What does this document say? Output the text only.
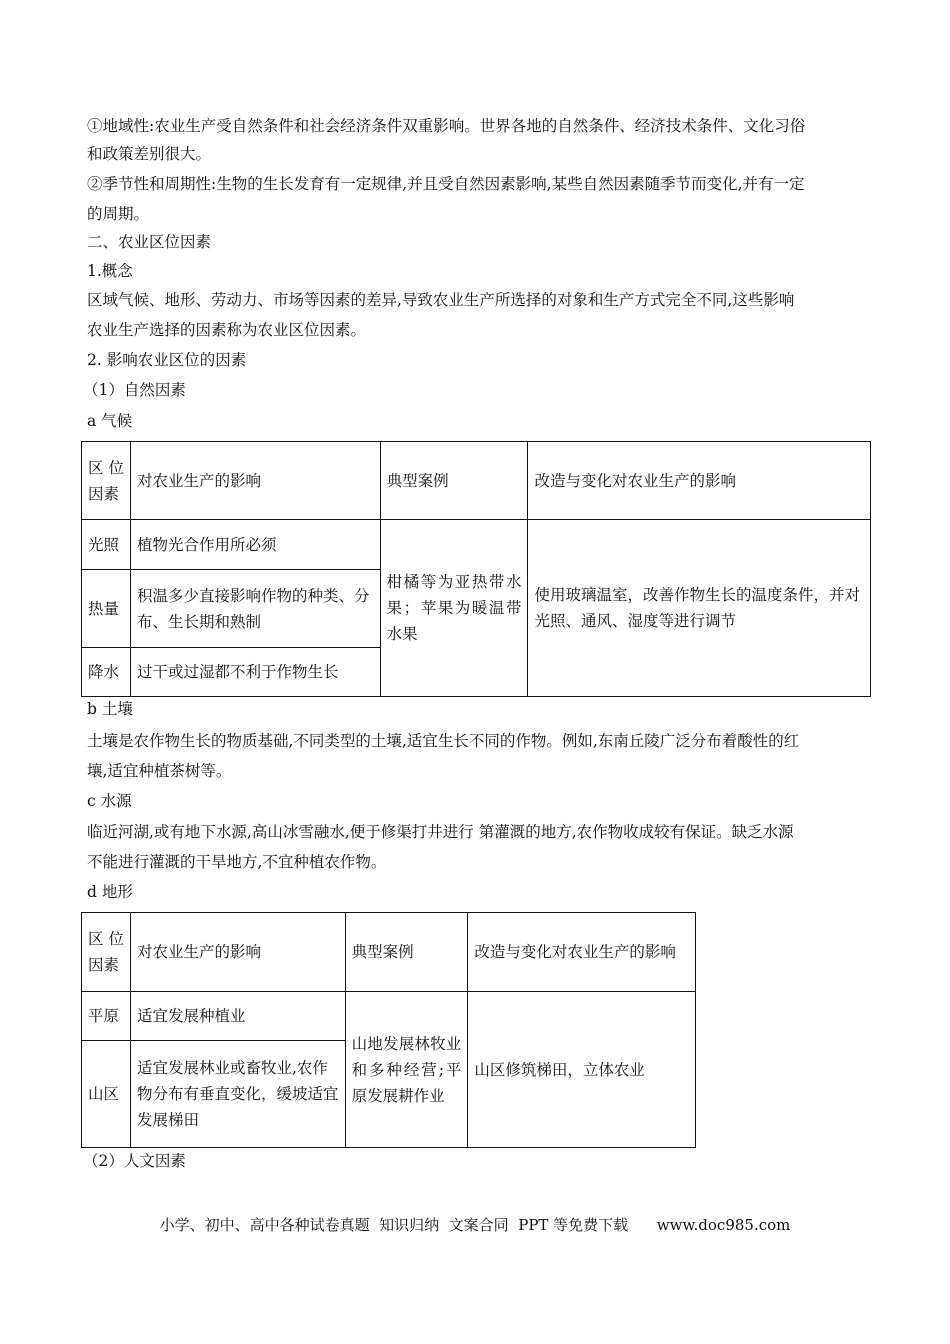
①地域性:农业生产受自然条件和社会经济条件双重影响。世界各地的自然条件、经济技术条件、文化习俗
和政策差别很大。
②季节性和周期性:生物的生长发育有一定规律,并且受自然因素影响,某些自然因素随季节而变化,并有一定
的周期。
二、农业区位因素
1.概念
区域气候、地形、劳动力、市场等因素的差异,导致农业生产所选择的对象和生产方式完全不同,这些影响
农业生产选择的因素称为农业区位因素。
2. 影响农业区位的因素
（1）自然因素
a 气候
区 位 因素	对农业生产的影响	典型案例	改造与变化对农业生产的影响
光照	植物光合作用所必须	柑橘等为亚热带水果；苹果为暖温带水果	使用玻璃温室，改善作物生长的温度条件，并对光照、通风、湿度等进行调节
热量	积温多少直接影响作物的种类、分布、生长期和熟制		
降水	过干或过湿都不利于作物生长		
b 土壤
土壤是农作物生长的物质基础,不同类型的土壤,适宜生长不同的作物。例如,东南丘陵广泛分布着酸性的红
壤,适宜种植茶树等。
c 水源
临近河湖,或有地下水源,高山冰雪融水,便于修渠打井进行 第灌溉的地方,农作物收成较有保证。缺乏水源
不能进行灌溉的干旱地方,不宜种植农作物。
d 地形
区 位 因素	对农业生产的影响	典型案例	改造与变化对农业生产的影响
平原	适宜发展种植业	山地发展林牧业和多种经营;平原发展耕作业	山区修筑梯田，立体农业
山区	适宜发展林业或畜牧业,农作物分布有垂直变化，缓坡适宜发展梯田		
（2）人文因素
小学、初中、高中各种试卷真题  知识归纳  文案合同  PPT 等免费下载      www.doc985.com
